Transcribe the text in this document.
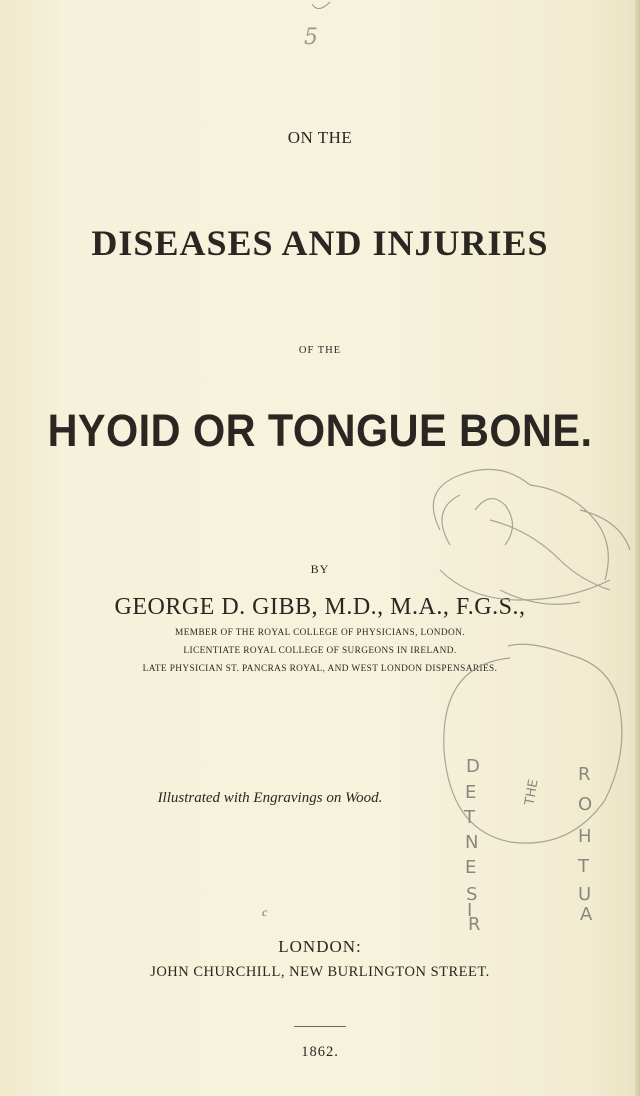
5
ON THE
DISEASES AND INJURIES
OF THE
HYOID OR TONGUE BONE.
BY
GEORGE D. GIBB, M.D., M.A., F.G.S.,
MEMBER OF THE ROYAL COLLEGE OF PHYSICIANS, LONDON.
LICENTIATE ROYAL COLLEGE OF SURGEONS IN IRELAND.
LATE PHYSICIAN ST. PANCRAS ROYAL, AND WEST LONDON DISPENSARIES.
Illustrated with Engravings on Wood.
c
LONDON:
JOHN CHURCHILL, NEW BURLINGTON STREET.
1862.
D
E
T
N
E
S
I
R
R
O
H
T
U
A
THE
